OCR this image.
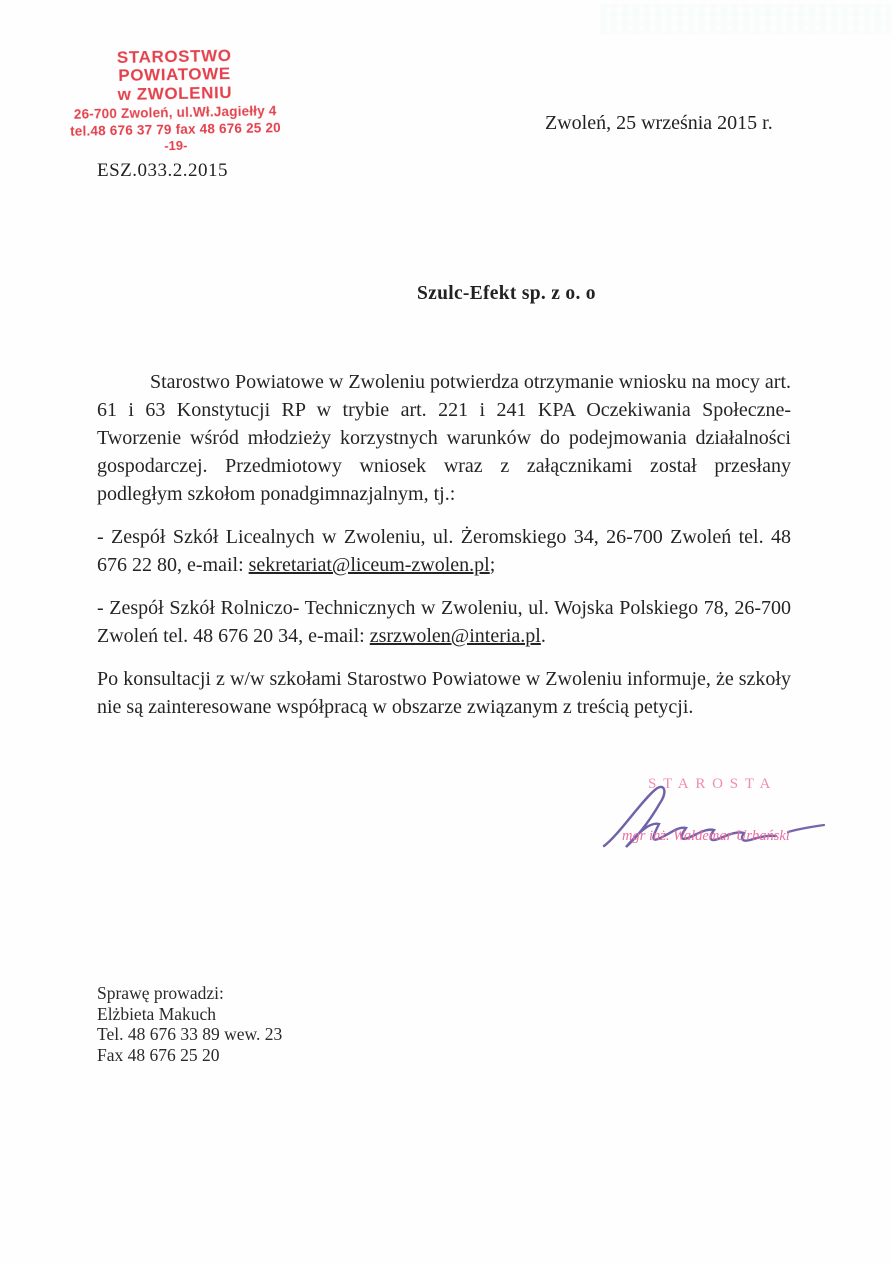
STAROSTWO POWIATOWE
w ZWOLENIU
26-700 Zwoleń, ul.Wł.Jagiełły 4
tel.48 676 37 79 fax 48 676 25 20
-19-
Zwoleń, 25 września 2015 r.
ESZ.033.2.2015
Szulc-Efekt sp. z o. o

Starostwo Powiatowe w Zwoleniu potwierdza otrzymanie wniosku na mocy art. 61 i 63 Konstytucji RP w trybie art. 221 i 241 KPA Oczekiwania Społeczne- Tworzenie wśród młodzieży korzystnych warunków do podejmowania działalności gospodarczej. Przedmiotowy wniosek wraz z załącznikami został przesłany podległym szkołom ponadgimnazjalnym, tj.:

- Zespół Szkół Licealnych w Zwoleniu, ul. Żeromskiego 34, 26-700 Zwoleń tel. 48 676 22 80, e-mail: sekretariat@liceum-zwolen.pl;

- Zespół Szkół Rolniczo- Technicznych w Zwoleniu, ul. Wojska Polskiego 78, 26-700 Zwoleń tel. 48 676 20 34, e-mail: zsrzwolen@interia.pl.

Po konsultacji z w/w szkołami Starostwo Powiatowe w Zwoleniu informuje, że szkoły nie są zainteresowane współpracą w obszarze związanym z treścią petycji.

STAROSTA
mgr inż. Waldemar Urbański
Sprawę prowadzi:
Elżbieta Makuch
Tel. 48 676 33 89 wew. 23
Fax 48 676 25 20
